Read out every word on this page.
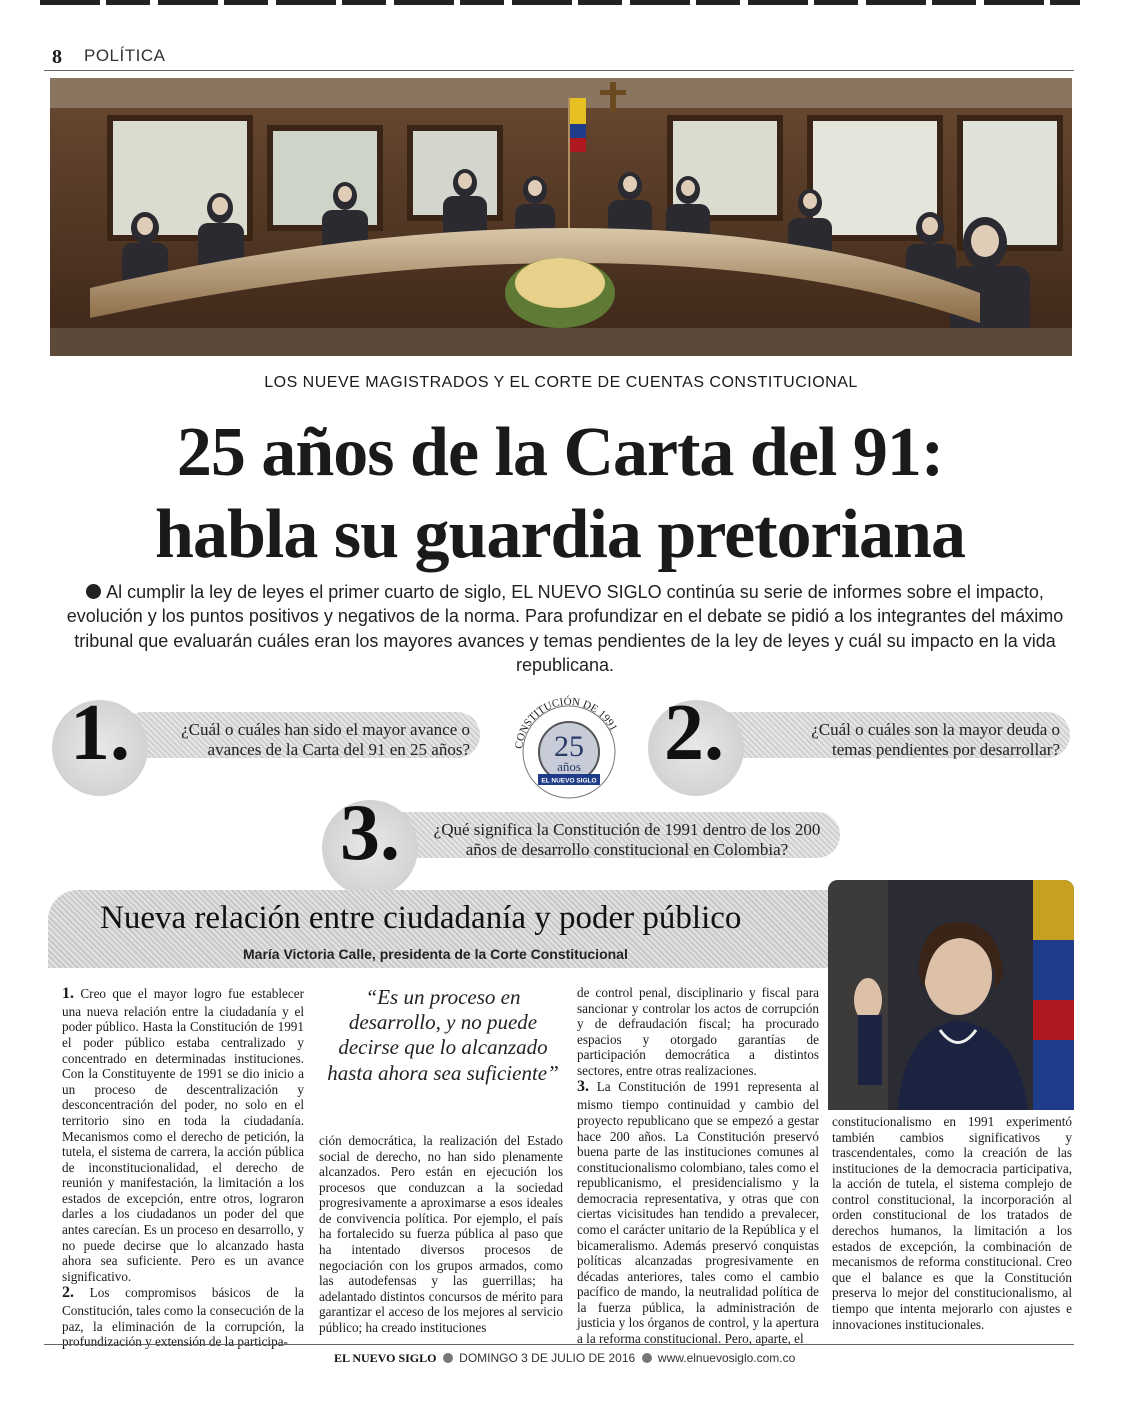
8 POLÍTICA
LOS NUEVE MAGISTRADOS Y EL CORTE DE CUENTAS CONSTITUCIONAL
25 años de la Carta del 91:
habla su guardia pretoriana
Al cumplir la ley de leyes el primer cuarto de siglo, EL NUEVO SIGLO continúa su serie de informes sobre el impacto, evolución y los puntos positivos y negativos de la norma. Para profundizar en el debate se pidió a los integrantes del máximo tribunal que evaluarán cuáles eran los mayores avances y temas pendientes de la ley de leyes y cuál su impacto en la vida republicana.
1.	¿Cuál o cuáles han sido el mayor avance o
avances de la Carta del 91 en 25 años?	CONSTITUCIÓN DE 1991
25
años
EL NUEVO SIGLO
2.	¿Cuál o cuáles son la mayor deuda o
temas pendientes por desarrollar?
3.	¿Qué significa la Constitución de 1991 dentro de los 200
años de desarrollo constitucional en Colombia?
Nueva relación entre ciudadanía y poder público
María Victoria Calle, presidenta de la Corte Constitucional

1. Creo que el mayor logro fue establecer una nueva relación entre la ciudadanía y el poder público. Hasta la Constitución de 1991 el poder público estaba centralizado y concentrado en determinadas instituciones. Con la Constituyente de 1991 se dio inicio a un proceso de descentralización y desconcentración del poder, no solo en el territorio sino en toda la ciudadanía. Mecanismos como el derecho de petición, la tutela, el sistema de carrera, la acción pública de inconstitucionalidad, el derecho de reunión y manifestación, la limitación a los estados de excepción, entre otros, lograron darles a los ciudadanos un poder del que antes carecían. Es un proceso en desarrollo, y no puede decirse que lo alcanzado hasta ahora sea suficiente. Pero es un avance significativo.

2. Los compromisos básicos de la Constitución, tales como la consecución de la paz, la eliminación de la corrupción, la profundización y extensión de la participa-

“Es un proceso en desarrollo, y no puede decirse que lo alcanzado hasta ahora sea suficiente”

ción democrática, la realización del Estado social de derecho, no han sido plenamente alcanzados. Pero están en ejecución los procesos que conduzcan a la sociedad progresivamente a aproximarse a esos ideales de convivencia política. Por ejemplo, el país ha fortalecido su fuerza pública al paso que ha intentado diversos procesos de negociación con los grupos armados, como las autodefensas y las guerrillas; ha adelantado distintos concursos de mérito para garantizar el acceso de los mejores al servicio público; ha creado instituciones

de control penal, disciplinario y fiscal para sancionar y controlar los actos de corrupción y de defraudación fiscal; ha procurado espacios y otorgado garantías de participación democrática a distintos sectores, entre otras realizaciones.

3. La Constitución de 1991 representa al mismo tiempo continuidad y cambio del proyecto republicano que se empezó a gestar hace 200 años. La Constitución preservó buena parte de las instituciones comunes al constitucionalismo colombiano, tales como el republicanismo, el presidencialismo y la democracia representativa, y otras que con ciertas vicisitudes han tendido a prevalecer, como el carácter unitario de la República y el bicameralismo. Además preservó conquistas políticas alcanzadas progresivamente en décadas anteriores, tales como el cambio pacífico de mando, la neutralidad política de la fuerza pública, la administración de justicia y los órganos de control, y la apertura a la reforma constitucional. Pero, aparte, el

constitucionalismo en 1991 experimentó también cambios significativos y trascendentales, como la creación de las instituciones de la democracia participativa, la acción de tutela, el sistema complejo de control constitucional, la incorporación al orden constitucional de los tratados de derechos humanos, la limitación a los estados de excepción, la combinación de mecanismos de reforma constitucional. Creo que el balance es que la Constitución preserva lo mejor del constitucionalismo, al tiempo que intenta mejorarlo con ajustes e innovaciones institucionales.

EL NUEVO SIGLO DOMINGO 3 DE JULIO DE 2016 www.elnuevosiglo.com.co
